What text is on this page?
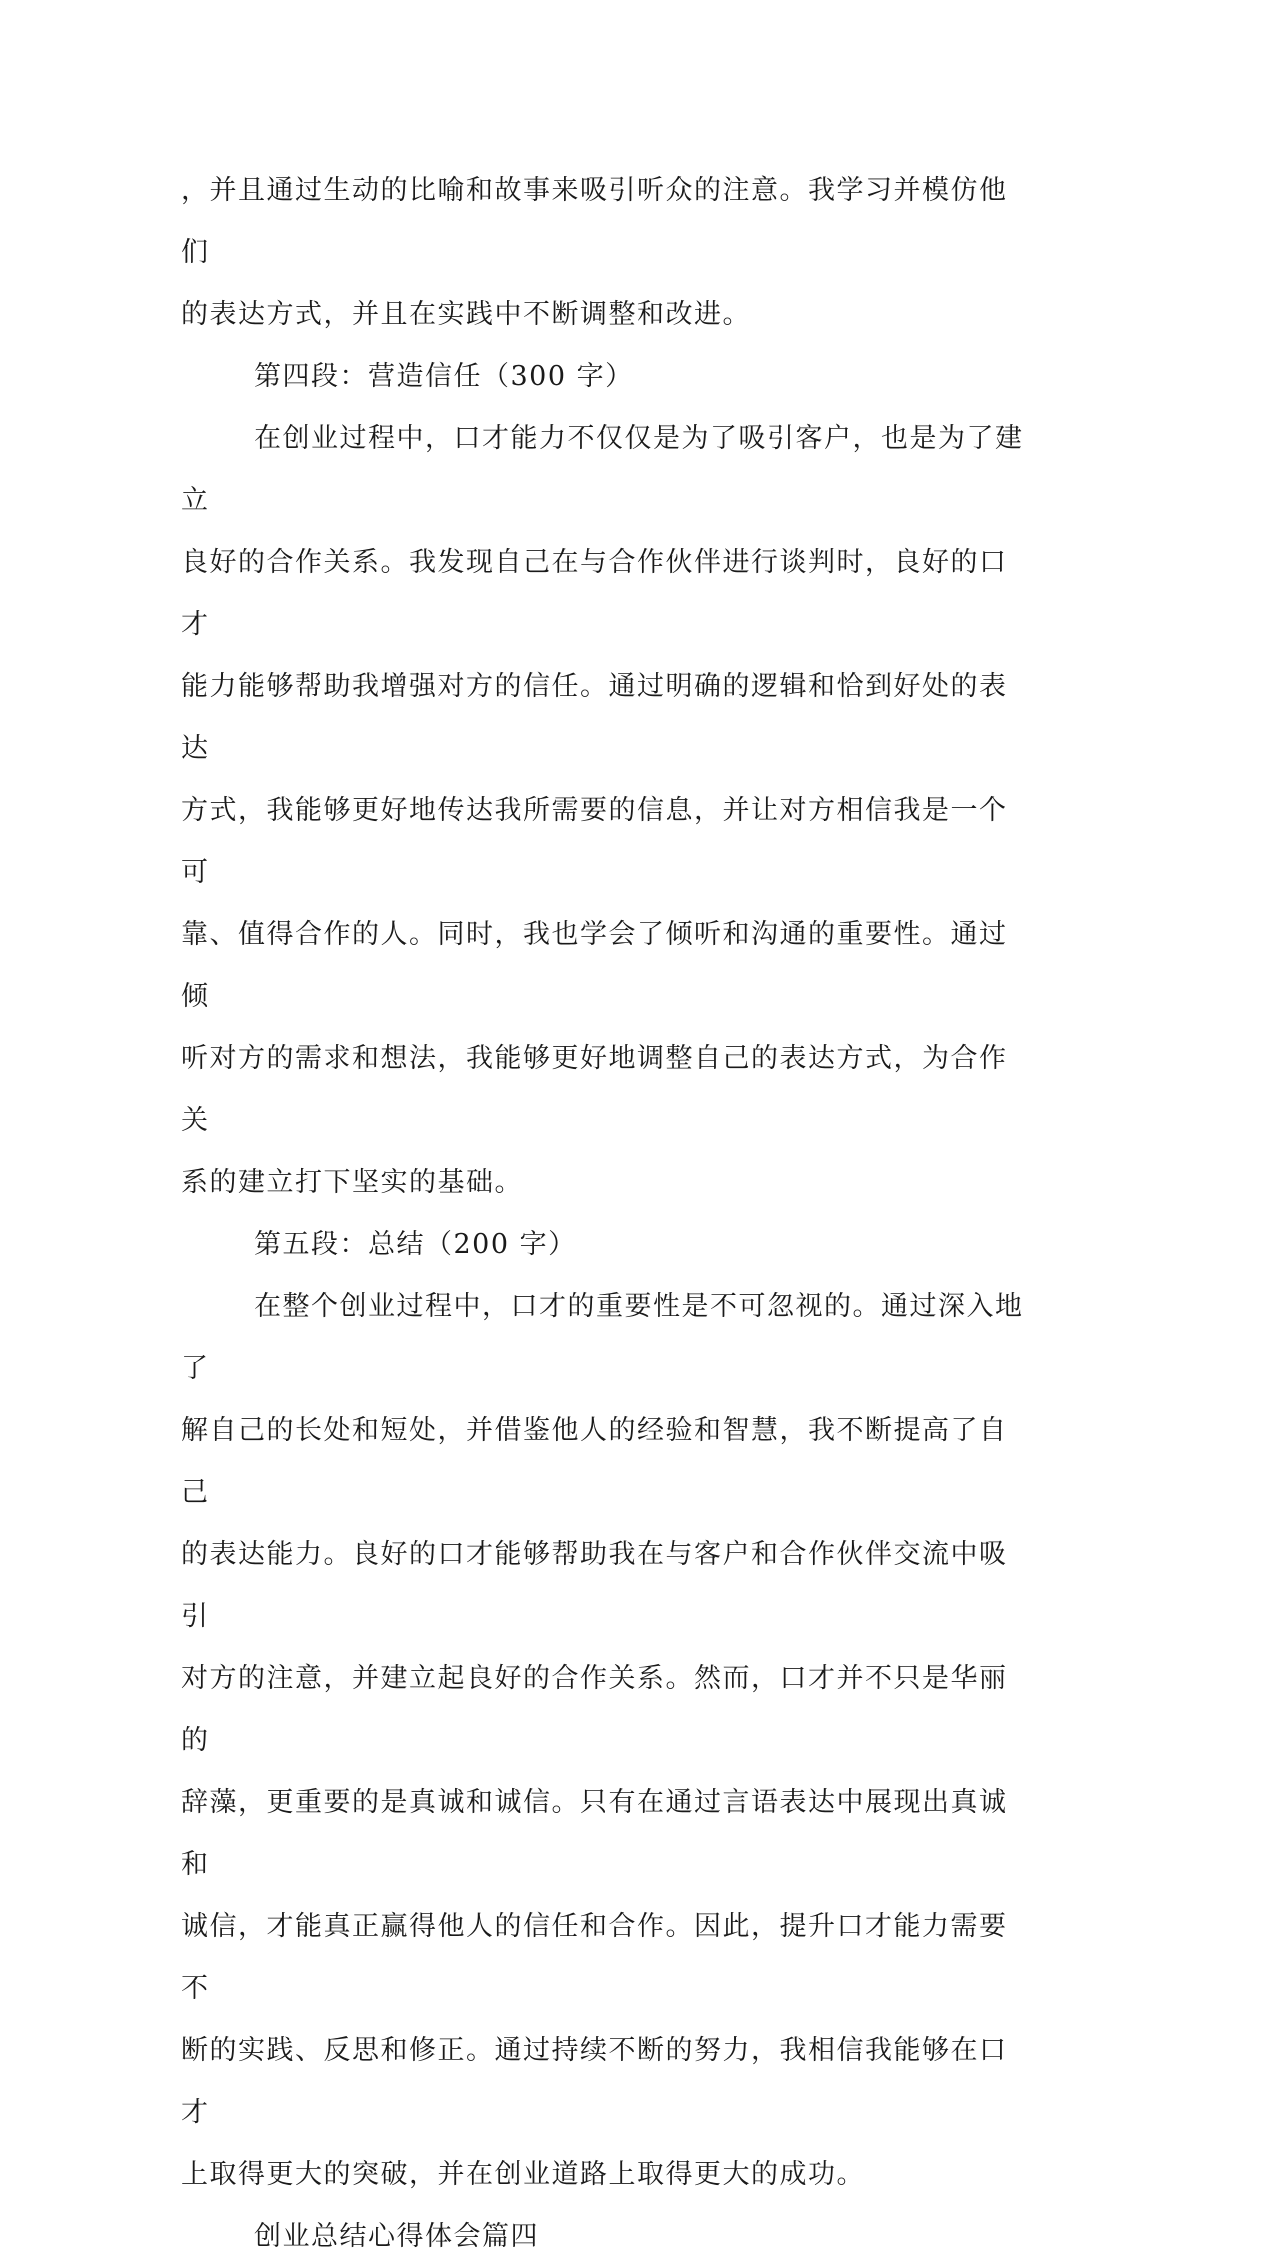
，并且通过生动的比喻和故事来吸引听众的注意。我学习并模仿他们
的表达方式，并且在实践中不断调整和改进。

第四段：营造信任（300 字）

在创业过程中，口才能力不仅仅是为了吸引客户，也是为了建立
良好的合作关系。我发现自己在与合作伙伴进行谈判时，良好的口才
能力能够帮助我增强对方的信任。通过明确的逻辑和恰到好处的表达
方式，我能够更好地传达我所需要的信息，并让对方相信我是一个可
靠、值得合作的人。同时，我也学会了倾听和沟通的重要性。通过倾
听对方的需求和想法，我能够更好地调整自己的表达方式，为合作关
系的建立打下坚实的基础。

第五段：总结（200 字）

在整个创业过程中，口才的重要性是不可忽视的。通过深入地了
解自己的长处和短处，并借鉴他人的经验和智慧，我不断提高了自己
的表达能力。良好的口才能够帮助我在与客户和合作伙伴交流中吸引
对方的注意，并建立起良好的合作关系。然而，口才并不只是华丽的
辞藻，更重要的是真诚和诚信。只有在通过言语表达中展现出真诚和
诚信，才能真正赢得他人的信任和合作。因此，提升口才能力需要不
断的实践、反思和修正。通过持续不断的努力，我相信我能够在口才
上取得更大的突破，并在创业道路上取得更大的成功。

创业总结心得体会篇四
